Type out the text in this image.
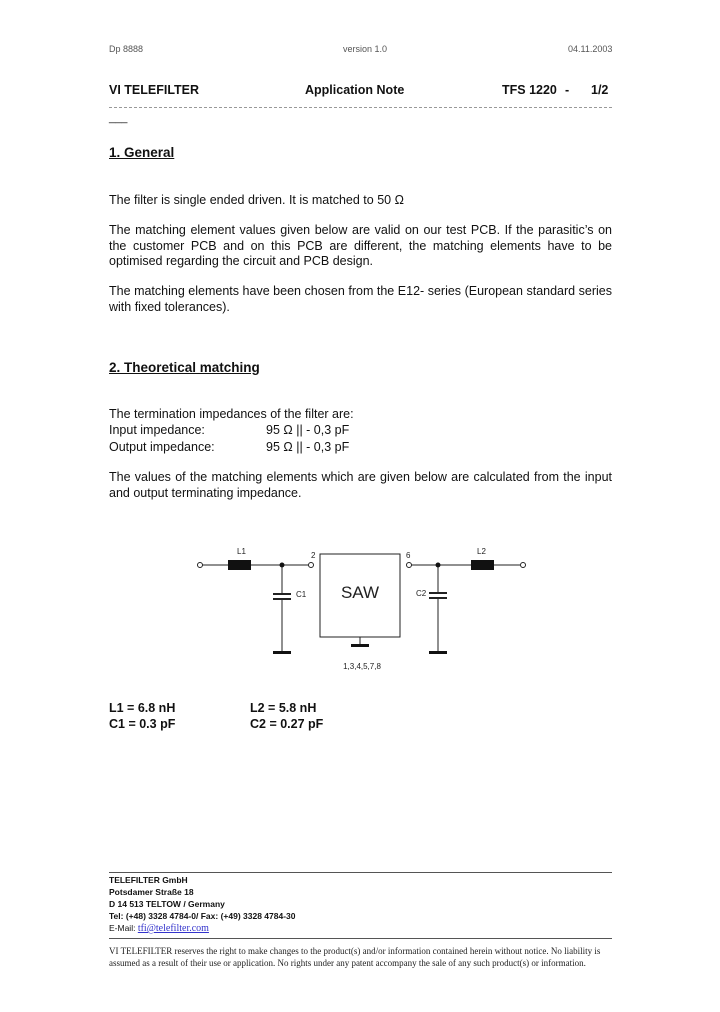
Dp 8888	version 1.0	04.11.2003
VI TELEFILTER	Application Note	TFS 1220 - 1/2
___
1. General
The filter is single ended driven. It is matched to 50 Ω
The matching element values given below are valid on our test PCB. If the parasitic’s on the customer PCB and on this PCB are different, the matching elements have to be optimised regarding the circuit and PCB design.
The matching elements have been chosen from the E12- series (European standard series with fixed tolerances).
2. Theoretical matching
The termination impedances of the filter are:
Input impedance:	95 Ω || - 0,3 pF
Output impedance:	95 Ω || - 0,3 pF
The values of the matching elements which are given below are calculated from the input and output terminating impedance.
L1
C1
2
SAW
6
C2
L2
1,3,4,5,7,8
L1 = 6.8 nH	L2 = 5.8 nH
C1 = 0.3 pF	C2 = 0.27 pF
TELEFILTER GmbH
Potsdamer Straße 18
D 14 513 TELTOW / Germany
Tel: (+48) 3328 4784-0/ Fax: (+49) 3328 4784-30
E-Mail: tfi@telefilter.com
VI TELEFILTER reserves the right to make changes to the product(s) and/or information contained herein without notice. No liability is assumed as a result of their use or application. No rights under any patent accompany the sale of any such product(s) or information.
